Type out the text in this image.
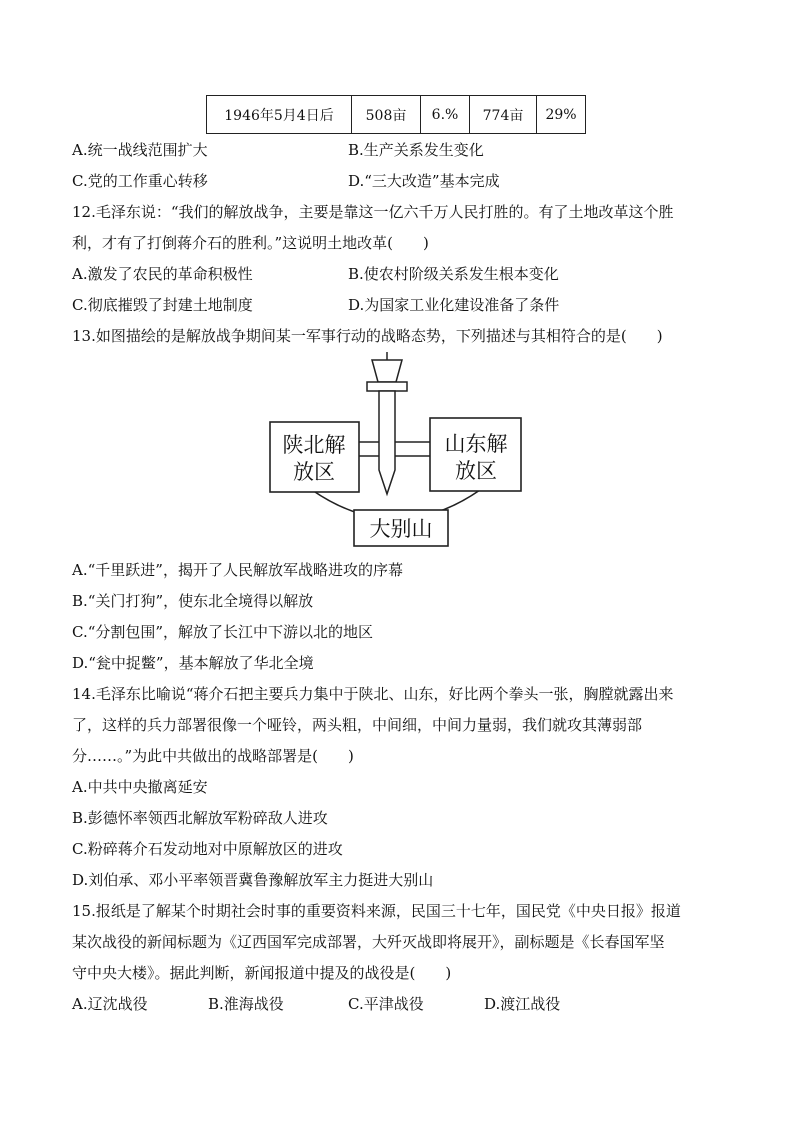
1946年5月4日后	508亩	6.%	774亩	29%
A.统一战线范围扩大	B.生产关系发生变化
C.党的工作重心转移	D.“三大改造”基本完成
12.毛泽东说：“我们的解放战争，主要是靠这一亿六千万人民打胜的。有了土地改革这个胜
利，才有了打倒蒋介石的胜利。”这说明土地改革(　　)
A.激发了农民的革命积极性	B.使农村阶级关系发生根本变化
C.彻底摧毁了封建土地制度	D.为国家工业化建设准备了条件
13.如图描绘的是解放战争期间某一军事行动的战略态势，下列描述与其相符合的是(　　)
陕北解
放区
山东解
放区
大别山
A.“千里跃进”，揭开了人民解放军战略进攻的序幕
B.“关门打狗”，使东北全境得以解放
C.“分割包围”，解放了长江中下游以北的地区
D.“瓮中捉鳖”，基本解放了华北全境
14.毛泽东比喻说“蒋介石把主要兵力集中于陕北、山东，好比两个拳头一张，胸膛就露出来
了，这样的兵力部署很像一个哑铃，两头粗，中间细，中间力量弱，我们就攻其薄弱部
分……。”为此中共做出的战略部署是(　　)
A.中共中央撤离延安
B.彭德怀率领西北解放军粉碎敌人进攻
C.粉碎蒋介石发动地对中原解放区的进攻
D.刘伯承、邓小平率领晋冀鲁豫解放军主力挺进大别山
15.报纸是了解某个时期社会时事的重要资料来源，民国三十七年，国民党《中央日报》报道
某次战役的新闻标题为《辽西国军完成部署，大歼灭战即将展开》，副标题是《长春国军坚
守中央大楼》。据此判断，新闻报道中提及的战役是(　　)
A.辽沈战役	B.淮海战役	C.平津战役	D.渡江战役
